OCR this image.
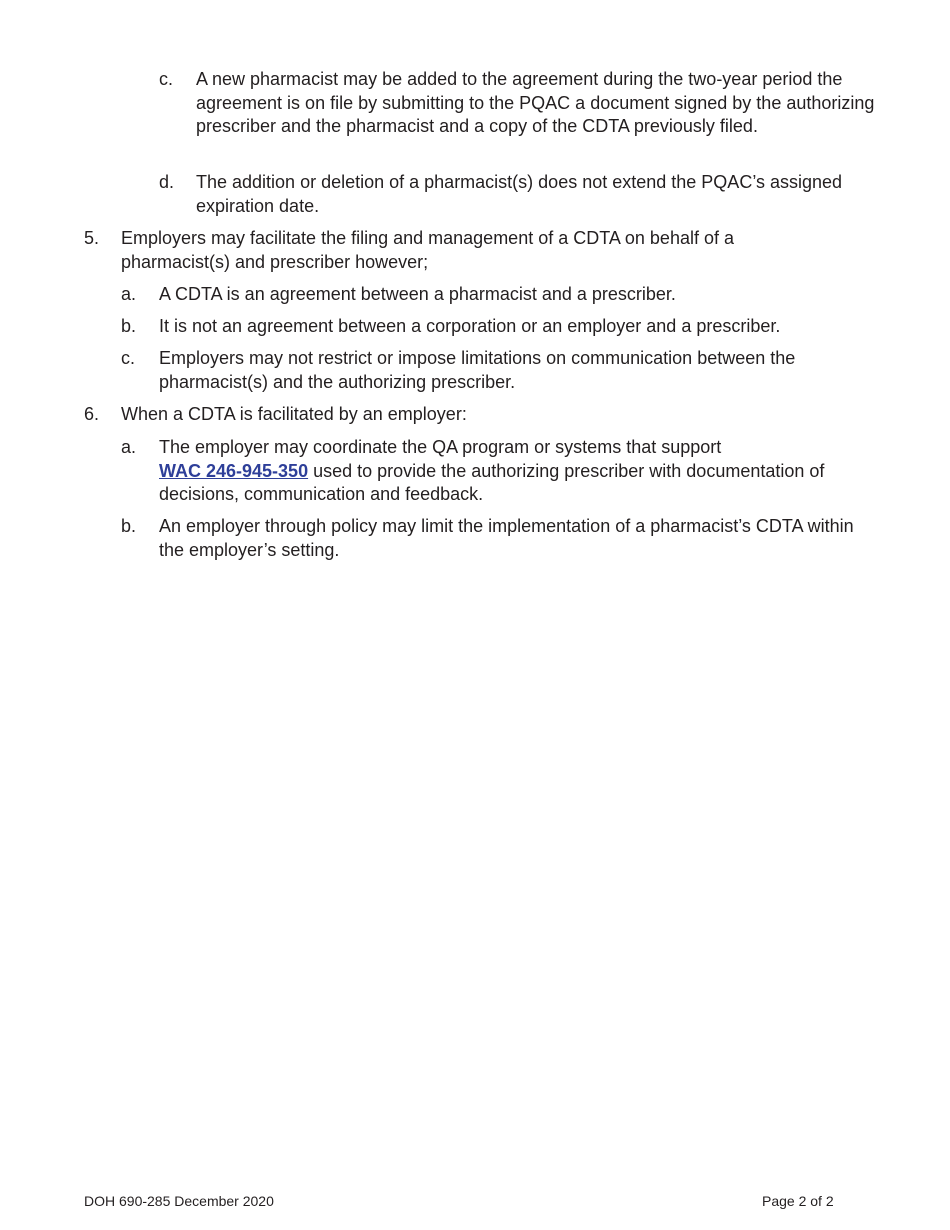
c. A new pharmacist may be added to the agreement during the two-year period the agreement is on file by submitting to the PQAC a document signed by the authorizing prescriber and the pharmacist and a copy of the CDTA previously filed.
d. The addition or deletion of a pharmacist(s) does not extend the PQAC’s assigned expiration date.
5. Employers may facilitate the filing and management of a CDTA on behalf of a pharmacist(s) and prescriber however;
a. A CDTA is an agreement between a pharmacist and a prescriber.
b. It is not an agreement between a corporation or an employer and a prescriber.
c. Employers may not restrict or impose limitations on communication between the pharmacist(s) and the authorizing prescriber.
6. When a CDTA is facilitated by an employer:
a. The employer may coordinate the QA program or systems that support
WAC 246-945-350 used to provide the authorizing prescriber with documentation of decisions, communication and feedback.
b. An employer through policy may limit the implementation of a pharmacist’s CDTA within the employer’s setting.
DOH 690-285 December 2020	Page 2 of 2
